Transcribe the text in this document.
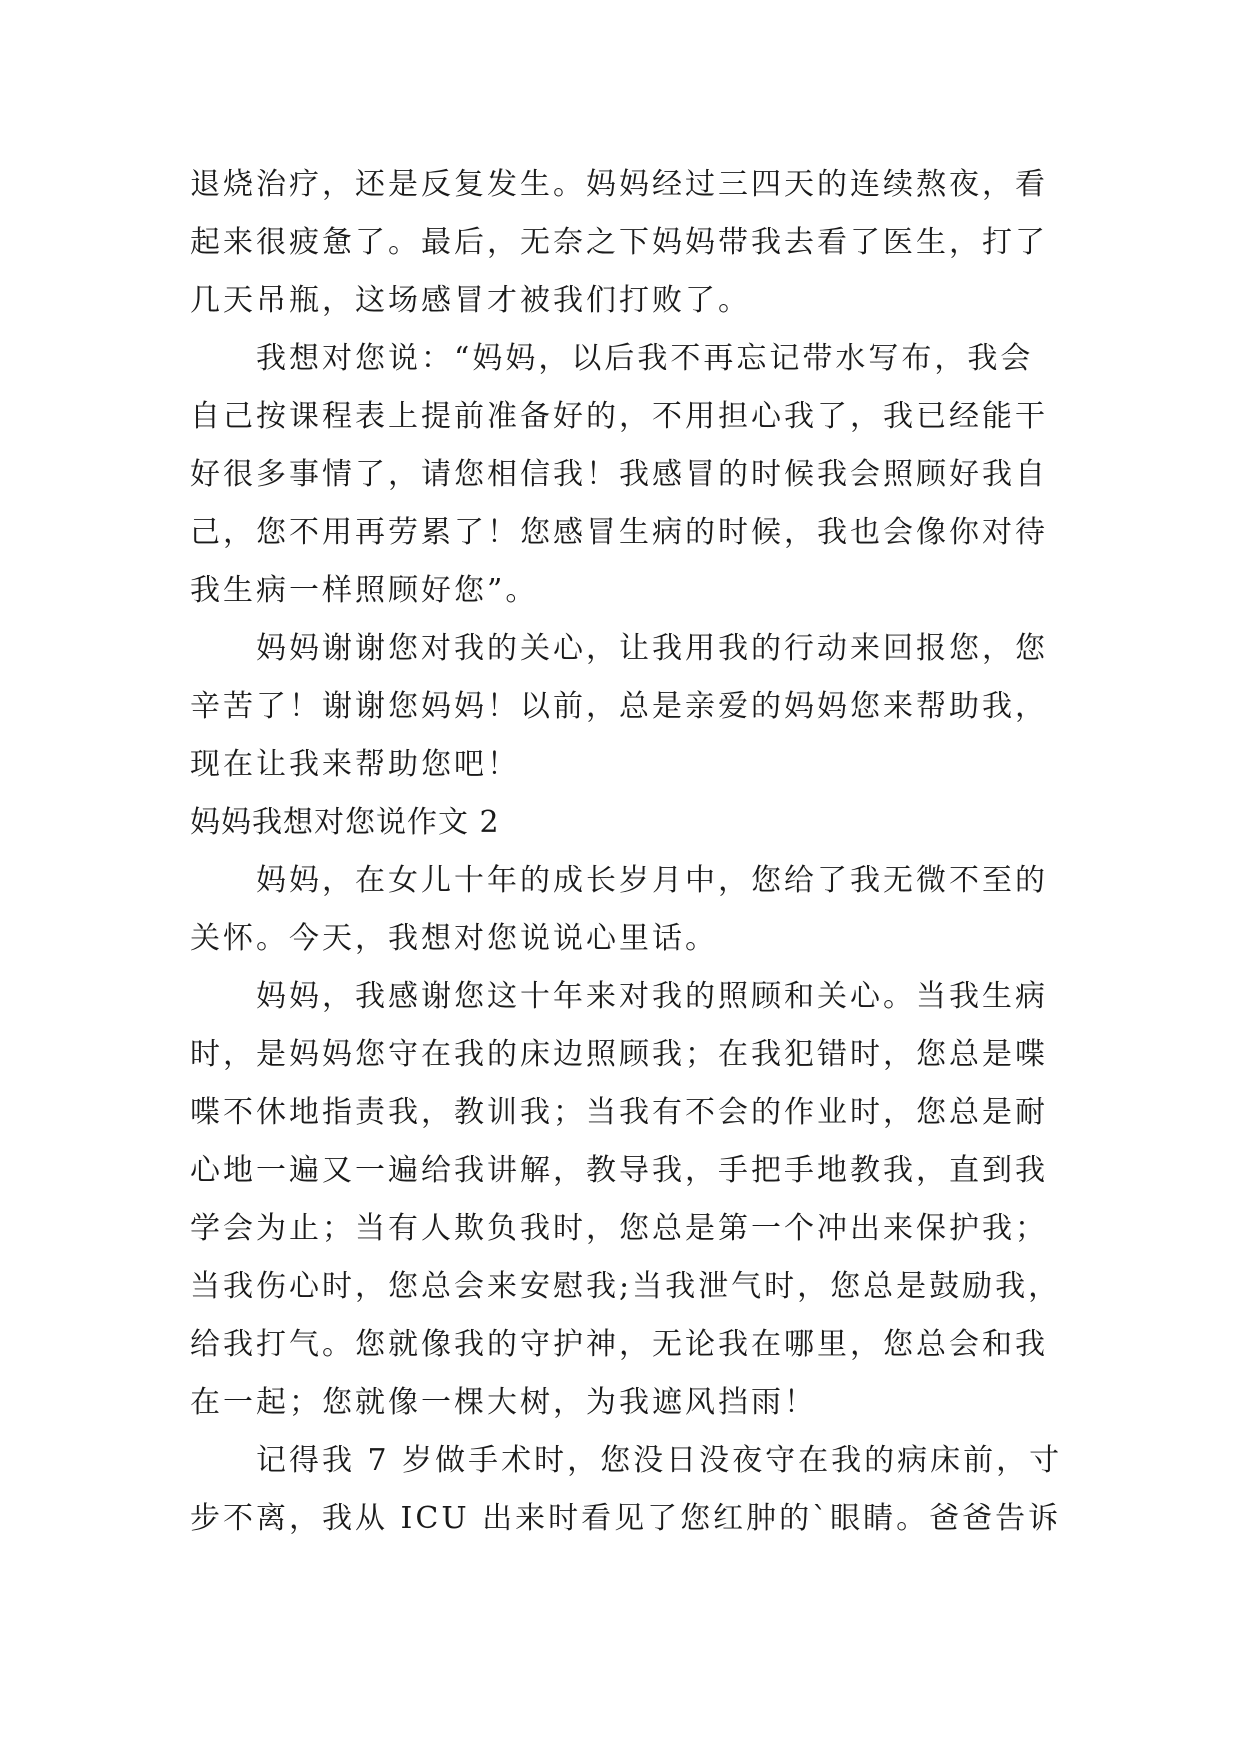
退烧治疗，还是反复发生。妈妈经过三四天的连续熬夜，看
起来很疲惫了。最后，无奈之下妈妈带我去看了医生，打了
几天吊瓶，这场感冒才被我们打败了。
我想对您说：“妈妈，以后我不再忘记带水写布，我会
自己按课程表上提前准备好的，不用担心我了，我已经能干
好很多事情了，请您相信我！我感冒的时候我会照顾好我自
己，您不用再劳累了！您感冒生病的时候，我也会像你对待
我生病一样照顾好您”。
妈妈谢谢您对我的关心，让我用我的行动来回报您，您
辛苦了！谢谢您妈妈！以前，总是亲爱的妈妈您来帮助我，
现在让我来帮助您吧！
妈妈我想对您说作文 2
妈妈，在女儿十年的成长岁月中，您给了我无微不至的
关怀。今天，我想对您说说心里话。
妈妈，我感谢您这十年来对我的照顾和关心。当我生病
时，是妈妈您守在我的床边照顾我；在我犯错时，您总是喋
喋不休地指责我，教训我；当我有不会的作业时，您总是耐
心地一遍又一遍给我讲解，教导我，手把手地教我，直到我
学会为止；当有人欺负我时，您总是第一个冲出来保护我；
当我伤心时，您总会来安慰我;当我泄气时，您总是鼓励我，
给我打气。您就像我的守护神，无论我在哪里，您总会和我
在一起；您就像一棵大树，为我遮风挡雨！
记得我 7 岁做手术时，您没日没夜守在我的病床前，寸
步不离，我从 ICU 出来时看见了您红肿的`眼睛。爸爸告诉
